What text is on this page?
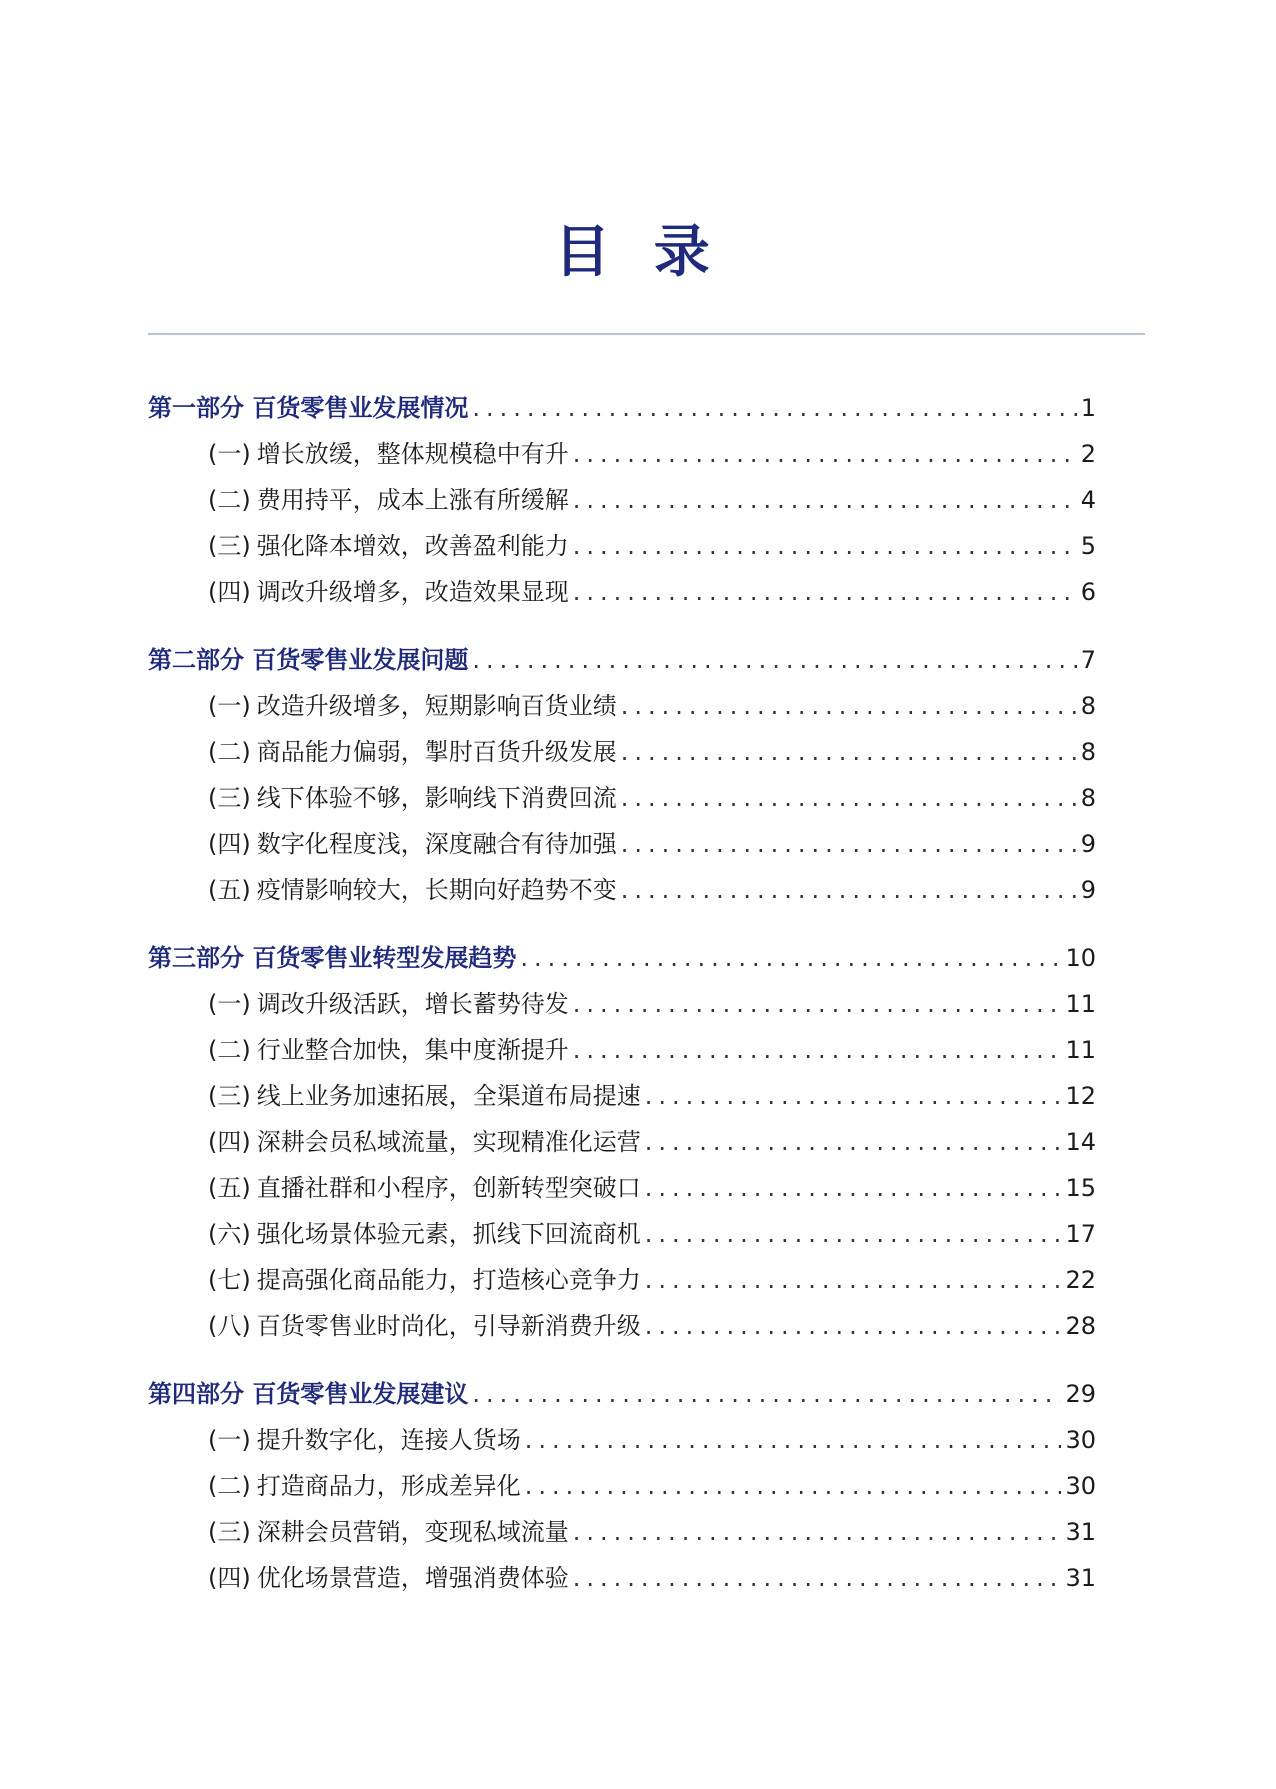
目 录
第一部分 百货零售业发展情况 .....	1
(一) 增长放缓，整体规模稳中有升 .....	2
(二) 费用持平，成本上涨有所缓解 .....	4
(三) 强化降本增效，改善盈利能力 .....	5
(四) 调改升级增多，改造效果显现 .....	6
第二部分 百货零售业发展问题 .....	7
(一) 改造升级增多，短期影响百货业绩 .....	8
(二) 商品能力偏弱，掣肘百货升级发展 .....	8
(三) 线下体验不够，影响线下消费回流 .....	8
(四) 数字化程度浅，深度融合有待加强 .....	9
(五) 疫情影响较大，长期向好趋势不变 .....	9
第三部分 百货零售业转型发展趋势 .....	10
(一) 调改升级活跃，增长蓄势待发 .....	11
(二) 行业整合加快，集中度渐提升 .....	11
(三) 线上业务加速拓展，全渠道布局提速 .....	12
(四) 深耕会员私域流量，实现精准化运营 .....	14
(五) 直播社群和小程序，创新转型突破口 .....	15
(六) 强化场景体验元素，抓线下回流商机 .....	17
(七) 提高强化商品能力，打造核心竞争力 .....	22
(八) 百货零售业时尚化，引导新消费升级 .....	28
第四部分 百货零售业发展建议 .....	29
(一) 提升数字化，连接人货场 .....	30
(二) 打造商品力，形成差异化 .....	30
(三) 深耕会员营销，变现私域流量 .....	31
(四) 优化场景营造，增强消费体验 .....	31
